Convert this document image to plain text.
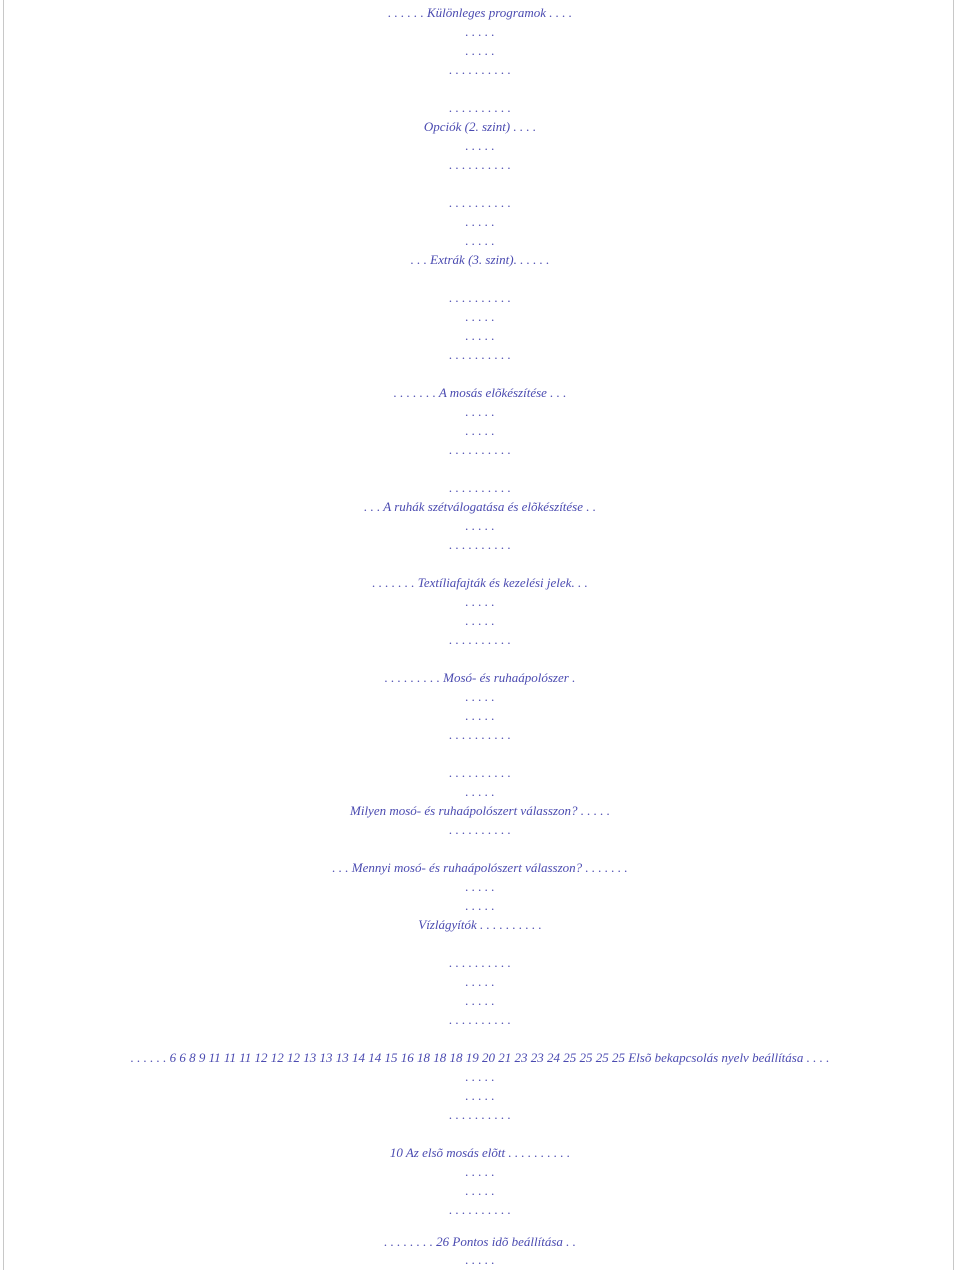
. . . . . . Különleges programok . . . .
. . . . .
. . . . .
. . . . . . . . . .
. . . . . . . . . .
Opciók (2. szint) . . . .
. . . . .
. . . . . . . . . .
. . . . . . . . . .
. . . . .
. . . . .
. . . Extrák (3. szint). . . . . .
. . . . . . . . . .
. . . . .
. . . . .
. . . . . . . . . .
. . . . . . . A mosás elõkészítése . . .
. . . . .
. . . . .
. . . . . . . . . .
. . . . . . . . . .
. . . A ruhák szétválogatása és elõkészítése . .
. . . . .
. . . . . . . . . .
. . . . . . . Textíliafajták és kezelési jelek. . .
. . . . .
. . . . .
. . . . . . . . . .
. . . . . . . . . Mosó- és ruhaápolószer .
. . . . .
. . . . .
. . . . . . . . . .
. . . . . . . . . .
. . . . .
Milyen mosó- és ruhaápolószert válasszon? . . . . .
. . . . . . . . . .
. . . Mennyi mosó- és ruhaápolószert válasszon? . . . . . . .
. . . . .
. . . . .
Vízlágyítók . . . . . . . . . .
. . . . . . . . . .
. . . . .
. . . . .
. . . . . . . . . .
. . . . . . 6 6 8 9 11 11 11 12 12 12 13 13 13 14 14 15 16 18 18 18 19 20 21 23 23 24 25 25 25 25 Elsõ bekapcsolás nyelv beállítása . . . .
. . . . .
. . . . .
. . . . . . . . . .
10 Az elsõ mosás elõtt . . . . . . . . . .
. . . . .
. . . . .
. . . . . . . . . .
. . . . . . . . 26 Pontos idõ beállítása . .
. . . . .
